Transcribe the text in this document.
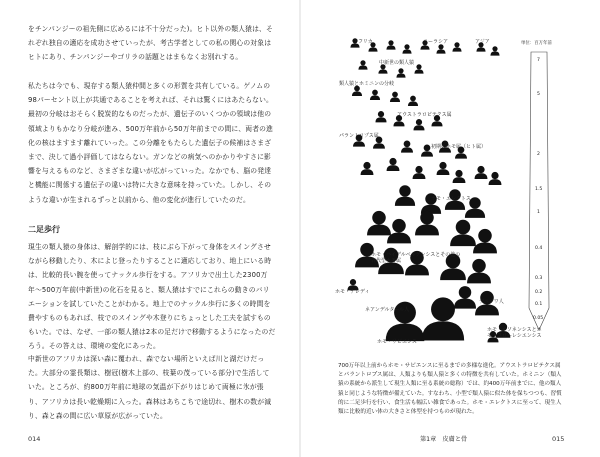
をチンパンジーの祖先側に広めるには不十分だった)。ヒト以外の類人猿は、それぞれ独自の適応を成功させていったが、考古学者としての私の関心の対象はヒトにあり、チンパンジーやゴリラの話題とはまもなくお別れする。

私たちは今でも、現存する類人猿仲間と多くの形質を共有している。ゲノムの98パーセント以上が共通であることを考えれば、それは驚くにはあたらない。最初の分岐はおそらく脱炭的なものだったが、遺伝子のいくつかの領域は他の領域よりもかなり分岐が進み、500万年前から50万年前までの間に、両者の進化の核はますます離れていった。この分離をもたらした遺伝子の候補はさまざまで、決して過小評価してはならない。ガンなどの病気へのかかりやすさに影響を与えるものなど、さまざまな違いが広がっていった。なかでも、脳の発達と機能に関係する遺伝子の違いは特に大きな意味を持っていた。しかし、そのような違いが生まれるずっと以前から、他の変化が進行していたのだ。

二足歩行

現生の類人猿の身体は、解剖学的には、枝にぶら下がって身体をスイングさせながら移動したり、木によじ登ったりすることに適応しており、地上にいる時は、比較的長い腕を使ってナックル歩行をする。アフリカで出土した2300万年〜500万年前(中新世)の化石を見ると、類人猿はすでにこれらの動きのバリエーションを試していたことがわかる。地上でのナックル歩行に多くの時間を費やすものもあれば、枝でのスイングや木登りにちょっとした工夫を試すものもいた。では、なぜ、一部の類人猿は2本の足だけで移動するようになったのだろう。その答えは、環境の変化にあった。

中新世のアフリカは深い森に覆われ、森でない場所といえば川と湖だけだった。大部分の霊長類は、樹冠(樹木上部の、枝葉の茂っている部分)で生活していた。ところが、約800万年前に地球の気温が下がりはじめて両極に氷が張り、アフリカは長い乾燥期に入った。森林はあちこちで途切れ、樹木の数が減り、森と森の間に広い草原が広がっていた。

014
アフリカ	ユーラシア	アジア	単位：百万年前
7
5
2
1.5
1
0.4
0.3
0.2
0.1
0.05
中新世の類人猿
類人猿とホミニンの分岐
アウストラロピテクス属
パラントロプス属
初期のホモ属（ヒト属）
ホモ・エレクトス
ホモ・ハイデルベルゲンシスとその他の古代型ホモ属
ホモ・ナレディ
デニソワ人
ネアンデルタール人
ホモ・ルソネンシスとホモ・フローレシエンシス
ホモ・サピエンス

700万年以上前からホモ・サピエンスに至るまでの多様な進化。アウストラロピテクス属とパラントロプス属は、人類よりも類人猿と多くの特徴を共有していた。ホミニン（類人猿の系統から派生して現生人類に至る系統の総称）では、約400万年前までに、他の類人猿と同じような特徴が備えていた。すなわち、小型で類人猿に似た体を保ちつつも、習慣的に二足歩行を行い、食生活も幅広い雑食であった。ホモ・エレクトスに至って、現生人類に比較的近い体の大きさと体型を持つものが現れた。

第1章　皮膚と骨	015
